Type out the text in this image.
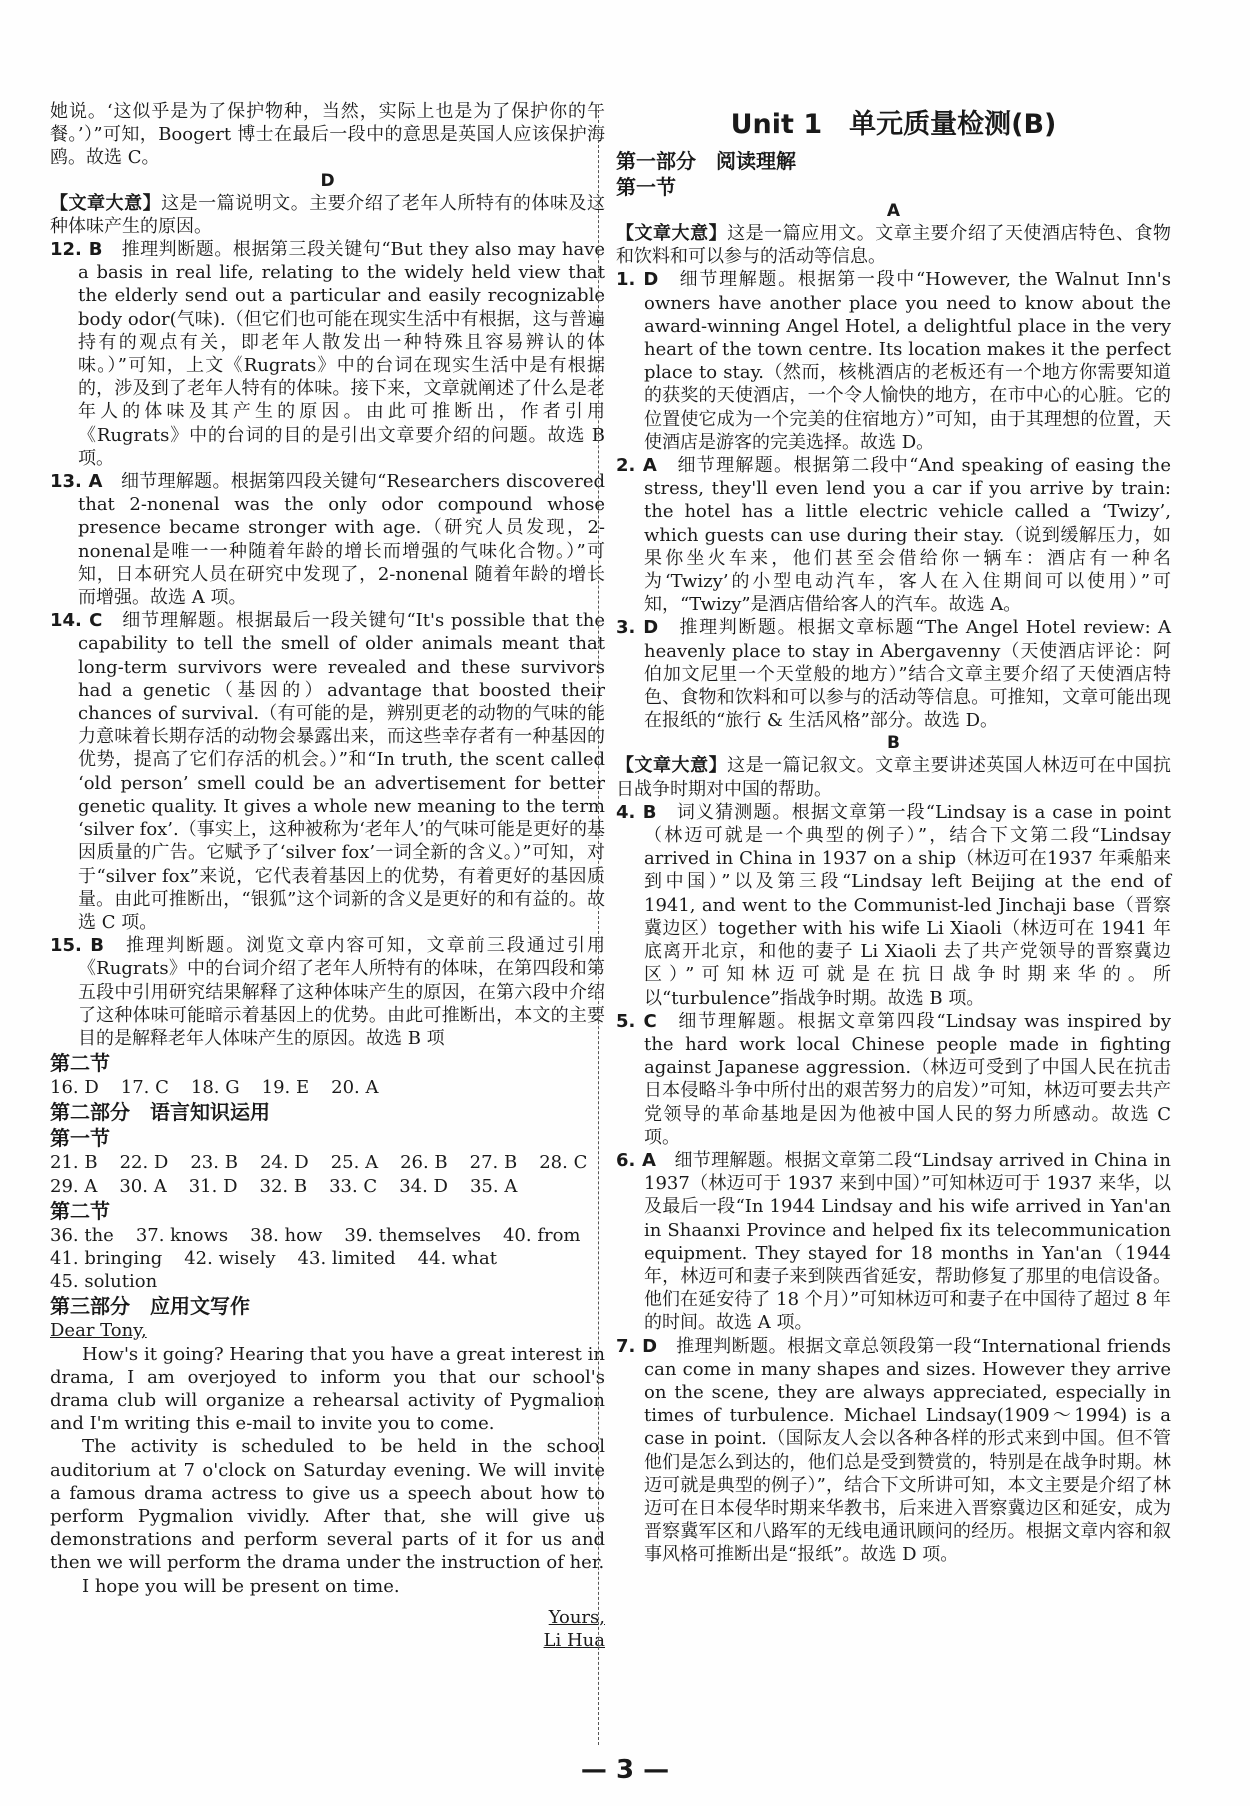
她说。‘这似乎是为了保护物种，当然，实际上也是为了保护你的午餐。’）”可知，Boogert 博士在最后一段中的意思是英国人应该保护海鸥。故选 C。

D

【文章大意】这是一篇说明文。主要介绍了老年人所特有的体味及这种体味产生的原因。

12. B　 推理判断题。根据第三段关键句“But they also may have a basis in real life, relating to the widely held view that the elderly send out a particular and easily recognizable body odor(气味).（但它们也可能在现实生活中有根据，这与普遍持有的观点有关，即老年人散发出一种特殊且容易辨认的体味。）”可知，上文《Rugrats》中的台词在现实生活中是有根据的，涉及到了老年人特有的体味。接下来，文章就阐述了什么是老年人的体味及其产生的原因。由此可推断出，作者引用《Rugrats》中的台词的目的是引出文章要介绍的问题。故选 B 项。

13. A　 细节理解题。根据第四段关键句“Researchers discovered that 2-nonenal was the only odor compound whose presence became stronger with age.（研究人员发现，2-nonenal是唯一一种随着年龄的增长而增强的气味化合物。）”可知，日本研究人员在研究中发现了，2-nonenal 随着年龄的增长而增强。故选 A 项。

14. C　 细节理解题。根据最后一段关键句“It's possible that the capability to tell the smell of older animals meant that long-term survivors were revealed and these survivors had a genetic（基因的）advantage that boosted their chances of survival.（有可能的是，辨别更老的动物的气味的能力意味着长期存活的动物会暴露出来，而这些幸存者有一种基因的优势，提高了它们存活的机会。）”和“In truth, the scent called ‘old person’ smell could be an advertisement for better genetic quality. It gives a whole new meaning to the term ‘silver fox’.（事实上，这种被称为‘老年人’的气味可能是更好的基因质量的广告。它赋予了‘silver fox’一词全新的含义。）”可知，对于“silver fox”来说，它代表着基因上的优势，有着更好的基因质量。由此可推断出，“银狐”这个词新的含义是更好的和有益的。故选 C 项。

15. B　 推理判断题。浏览文章内容可知，文章前三段通过引用《Rugrats》中的台词介绍了老年人所特有的体味，在第四段和第五段中引用研究结果解释了这种体味产生的原因，在第六段中介绍了这种体味可能暗示着基因上的优势。由此可推断出，本文的主要目的是解释老年人体味产生的原因。故选 B 项

第二节
16. D 17. C 18. G 19. E 20. A
第二部分　语言知识运用
第一节
21. B 22. D 23. B 24. D 25. A 26. B 27. B 28. C
29. A 30. A 31. D 32. B 33. C 34. D 35. A
第二节
36. the 37. knows 38. how 39. themselves 40. from
41. bringing 42. wisely 43. limited 44. what
45. solution
第三部分　应用文写作

Dear Tony,

How's it going? Hearing that you have a great interest in drama, I am overjoyed to inform you that our school's drama club will organize a rehearsal activity of Pygmalion and I'm writing this e-mail to invite you to come.

The activity is scheduled to be held in the school auditorium at 7 o'clock on Saturday evening. We will invite a famous drama actress to give us a speech about how to perform Pygmalion vividly. After that, she will give us demonstrations and perform several parts of it for us and then we will perform the drama under the instruction of her.

I hope you will be present on time.

Yours,

Li Hua

Unit 1　单元质量检测(B)
第一部分　阅读理解
第一节
A

【文章大意】这是一篇应用文。文章主要介绍了天使酒店特色、食物和饮料和可以参与的活动等信息。

1. D　 细节理解题。根据第一段中“However, the Walnut Inn's owners have another place you need to know about the award-winning Angel Hotel, a delightful place in the very heart of the town centre. Its location makes it the perfect place to stay.（然而，核桃酒店的老板还有一个地方你需要知道的获奖的天使酒店，一个令人愉快的地方，在市中心的心脏。它的位置使它成为一个完美的住宿地方）”可知，由于其理想的位置，天使酒店是游客的完美选择。故选 D。

2. A　 细节理解题。根据第二段中“And speaking of easing the stress, they'll even lend you a car if you arrive by train: the hotel has a little electric vehicle called a ‘Twizy’, which guests can use during their stay.（说到缓解压力，如果你坐火车来，他们甚至会借给你一辆车：酒店有一种名为‘Twizy’的小型电动汽车，客人在入住期间可以使用）”可知，“Twizy”是酒店借给客人的汽车。故选 A。

3. D　 推理判断题。根据文章标题“The Angel Hotel review: A heavenly place to stay in Abergavenny（天使酒店评论：阿伯加文尼里一个天堂般的地方）”结合文章主要介绍了天使酒店特色、食物和饮料和可以参与的活动等信息。可推知，文章可能出现在报纸的“旅行 & 生活风格”部分。故选 D。

B

【文章大意】这是一篇记叙文。文章主要讲述英国人林迈可在中国抗日战争时期对中国的帮助。

4. B　 词义猜测题。根据文章第一段“Lindsay is a case in point（林迈可就是一个典型的例子）”，结合下文第二段“Lindsay arrived in China in 1937 on a ship（林迈可在1937 年乘船来到中国）”以及第三段“Lindsay left Beijing at the end of 1941, and went to the Communist-led Jinchaji base（晋察冀边区）together with his wife Li Xiaoli（林迈可在 1941 年底离开北京，和他的妻子 Li Xiaoli 去了共产党领导的晋察冀边区）”可知林迈可就是在抗日战争时期来华的。所以“turbulence”指战争时期。故选 B 项。

5. C　 细节理解题。根据文章第四段“Lindsay was inspired by the hard work local Chinese people made in fighting against Japanese aggression.（林迈可受到了中国人民在抗击日本侵略斗争中所付出的艰苦努力的启发）”可知，林迈可要去共产党领导的革命基地是因为他被中国人民的努力所感动。故选 C 项。

6. A　 细节理解题。根据文章第二段“Lindsay arrived in China in 1937（林迈可于 1937 来到中国）”可知林迈可于 1937 来华，以及最后一段“In 1944 Lindsay and his wife arrived in Yan'an in Shaanxi Province and helped fix its telecommunication equipment. They stayed for 18 months in Yan'an（1944 年，林迈可和妻子来到陕西省延安，帮助修复了那里的电信设备。他们在延安待了 18 个月）”可知林迈可和妻子在中国待了超过 8 年的时间。故选 A 项。

7. D　 推理判断题。根据文章总领段第一段“International friends can come in many shapes and sizes. However they arrive on the scene, they are always appreciated, especially in times of turbulence. Michael Lindsay(1909～1994) is a case in point.（国际友人会以各种各样的形式来到中国。但不管他们是怎么到达的，他们总是受到赞赏的，特别是在战争时期。林迈可就是典型的例子）”，结合下文所讲可知，本文主要是介绍了林迈可在日本侵华时期来华教书，后来进入晋察冀边区和延安，成为晋察冀军区和八路军的无线电通讯顾问的经历。根据文章内容和叙事风格可推断出是“报纸”。故选 D 项。

— 3 —
